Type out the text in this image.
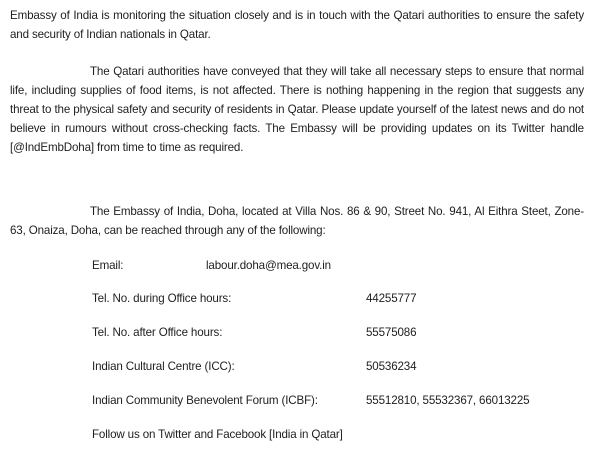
Embassy of India is monitoring the situation closely and is in touch with the Qatari authorities to ensure the safety and security of Indian nationals in Qatar.

The Qatari authorities have conveyed that they will take all necessary steps to ensure that normal life, including supplies of food items, is not affected. There is nothing happening in the region that suggests any threat to the physical safety and security of residents in Qatar. Please update yourself of the latest news and do not believe in rumours without cross-checking facts. The Embassy will be providing updates on its Twitter handle [@IndEmbDoha] from time to time as required.

The Embassy of India, Doha, located at Villa Nos. 86 & 90, Street No. 941, Al Eithra Steet, Zone-63, Onaiza, Doha, can be reached through any of the following:

Email:	labour.doha@mea.gov.in
Tel. No. during Office hours:	44255777
Tel. No. after Office hours:	55575086
Indian Cultural Centre (ICC):	50536234
Indian Community Benevolent Forum (ICBF):	55512810, 55532367, 66013225
Follow us on Twitter and Facebook [India in Qatar]
